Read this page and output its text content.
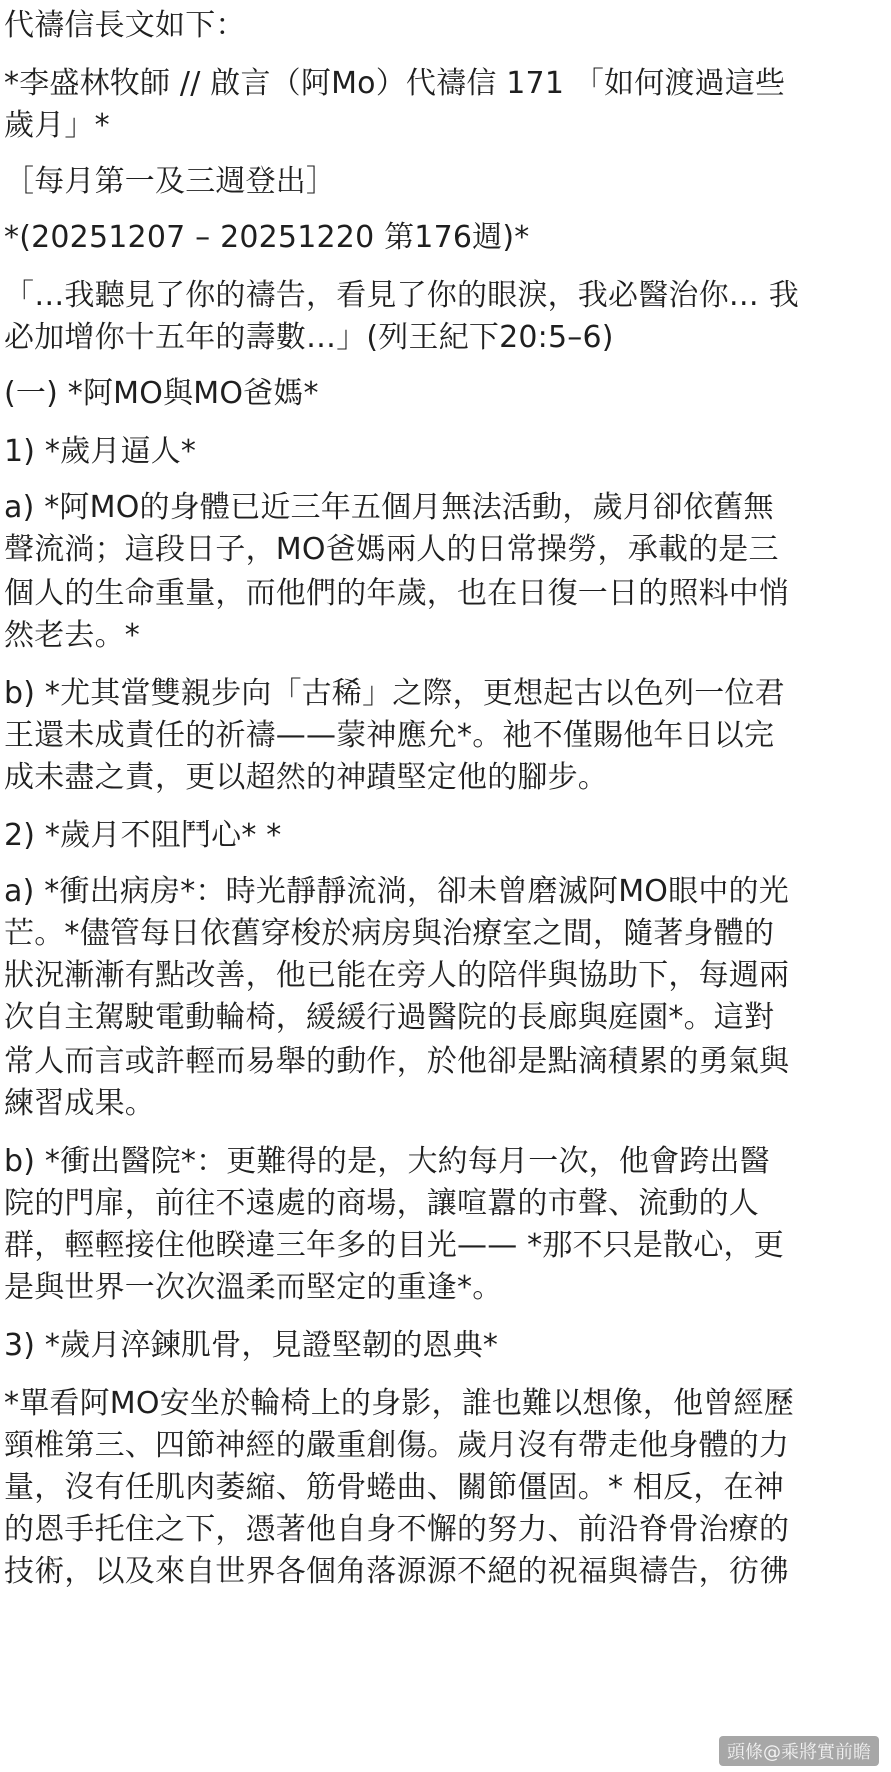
代禱信長文如下：
*李盛林牧師 // 啟言（阿Mo）代禱信 171 「如何渡過這些
歲月」*
［每月第一及三週登出］
*(20251207 – 20251220 第176週)*
「…我聽見了你的禱告，看見了你的眼淚，我必醫治你… 我
必加增你十五年的壽數…」(列王紀下20:5–6)
(一) *阿MO與MO爸媽*
1) *歲月逼人*
a) *阿MO的身體已近三年五個月無法活動，歲月卻依舊無
聲流淌；這段日子，MO爸媽兩人的日常操勞，承載的是三
個人的生命重量，而他們的年歲，也在日復一日的照料中悄
然老去。*
b) *尤其當雙親步向「古稀」之際，更想起古以色列一位君
王還未成責任的祈禱——蒙神應允*。祂不僅賜他年日以完
成未盡之責，更以超然的神蹟堅定他的腳步。
2) *歲月不阻鬥心* *
a) *衝出病房*：時光靜靜流淌，卻未曾磨滅阿MO眼中的光
芒。*儘管每日依舊穿梭於病房與治療室之間，隨著身體的
狀況漸漸有點改善，他已能在旁人的陪伴與協助下，每週兩
次自主駕駛電動輪椅，緩緩行過醫院的長廊與庭園*。這對
常人而言或許輕而易舉的動作，於他卻是點滴積累的勇氣與
練習成果。
b) *衝出醫院*：更難得的是，大約每月一次，他會跨出醫
院的門扉，前往不遠處的商場，讓喧囂的市聲、流動的人
群，輕輕接住他睽違三年多的目光—— *那不只是散心，更
是與世界一次次溫柔而堅定的重逢*。
3) *歲月淬鍊肌骨，見證堅韌的恩典*
*單看阿MO安坐於輪椅上的身影，誰也難以想像，他曾經歷
頸椎第三、四節神經的嚴重創傷。歲月沒有帶走他身體的力
量，沒有任肌肉萎縮、筋骨蜷曲、關節僵固。* 相反，在神
的恩手托住之下，憑著他自身不懈的努力、前沿脊骨治療的
技術，以及來自世界各個角落源源不絕的祝福與禱告，彷彿
頭條@乘將實前瞻
